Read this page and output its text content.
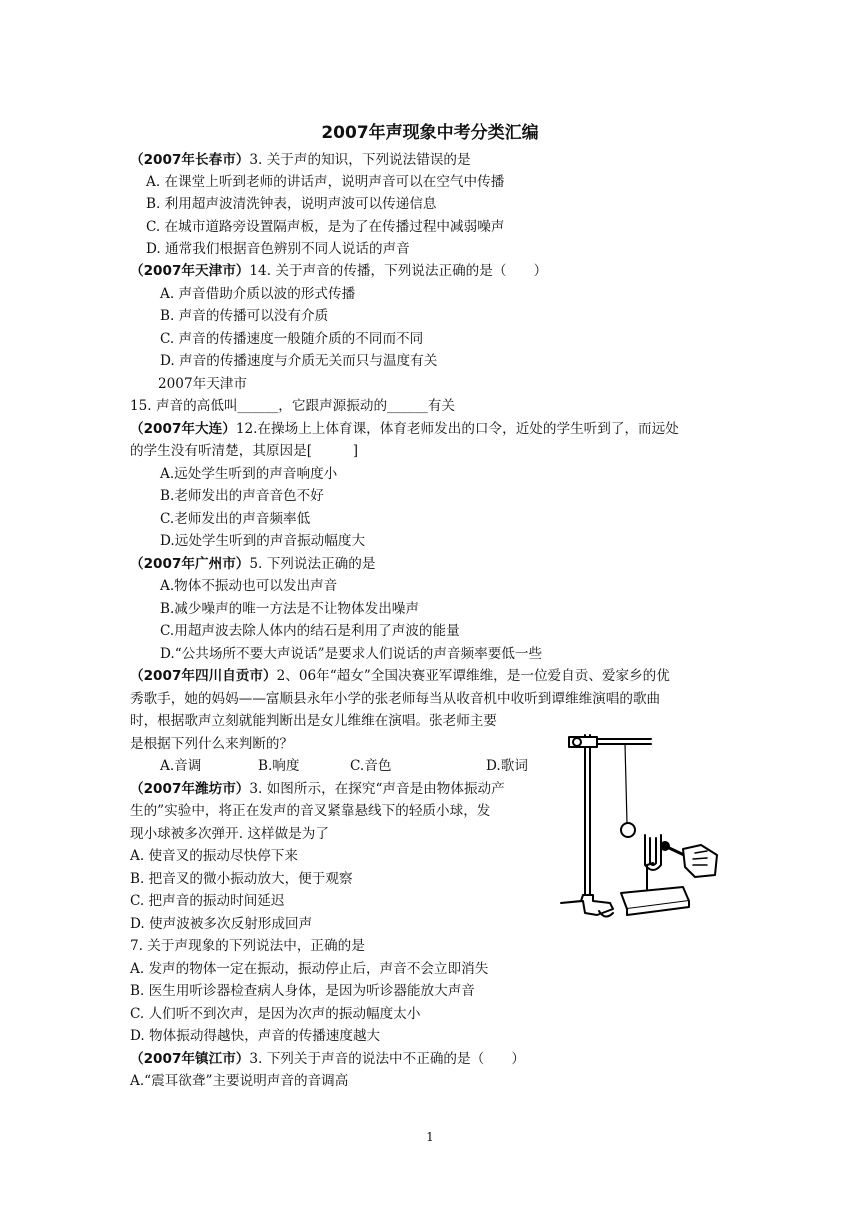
2007年声现象中考分类汇编
（2007年长春市）3. 关于声的知识，下列说法错误的是
A. 在课堂上听到老师的讲话声，说明声音可以在空气中传播
B. 利用超声波清洗钟表，说明声波可以传递信息
C. 在城市道路旁设置隔声板，是为了在传播过程中减弱噪声
D. 通常我们根据音色辨别不同人说话的声音
（2007年天津市）14. 关于声音的传播，下列说法正确的是（　　）
A. 声音借助介质以波的形式传播
B. 声音的传播可以没有介质
C. 声音的传播速度一般随介质的不同而不同
D. 声音的传播速度与介质无关而只与温度有关
2007年天津市
15. 声音的高低叫______，它跟声源振动的______有关
（2007年大连）12.在操场上上体育课，体育老师发出的口令，近处的学生听到了，而远处
的学生没有听清楚，其原因是[　　　]
A.远处学生听到的声音响度小
B.老师发出的声音音色不好
C.老师发出的声音频率低
D.远处学生听到的声音振动幅度大
（2007年广州市）5. 下列说法正确的是
A.物体不振动也可以发出声音
B.减少噪声的唯一方法是不让物体发出噪声
C.用超声波去除人体内的结石是利用了声波的能量
D.“公共场所不要大声说话”是要求人们说话的声音频率要低一些
（2007年四川自贡市）2、06年“超女”全国决赛亚军谭维维，是一位爱自贡、爱家乡的优
秀歌手，她的妈妈——富顺县永年小学的张老师每当从收音机中收听到谭维维演唱的歌曲
时，根据歌声立刻就能判断出是女儿维维在演唱。张老师主要
是根据下列什么来判断的？
A.音调	B.响度	C.音色	D.歌词
（2007年潍坊市）3. 如图所示，在探究“声音是由物体振动产
生的”实验中，将正在发声的音叉紧靠悬线下的轻质小球，发
现小球被多次弹开. 这样做是为了
A. 使音叉的振动尽快停下来
B. 把音叉的微小振动放大，便于观察
C. 把声音的振动时间延迟
D. 使声波被多次反射形成回声
7. 关于声现象的下列说法中，正确的是
A. 发声的物体一定在振动，振动停止后，声音不会立即消失
B. 医生用听诊器检查病人身体，是因为听诊器能放大声音
C. 人们听不到次声，是因为次声的振动幅度太小
D. 物体振动得越快，声音的传播速度越大
（2007年镇江市）3. 下列关于声音的说法中不正确的是（　　）
A.“震耳欲聋”主要说明声音的音调高
1
